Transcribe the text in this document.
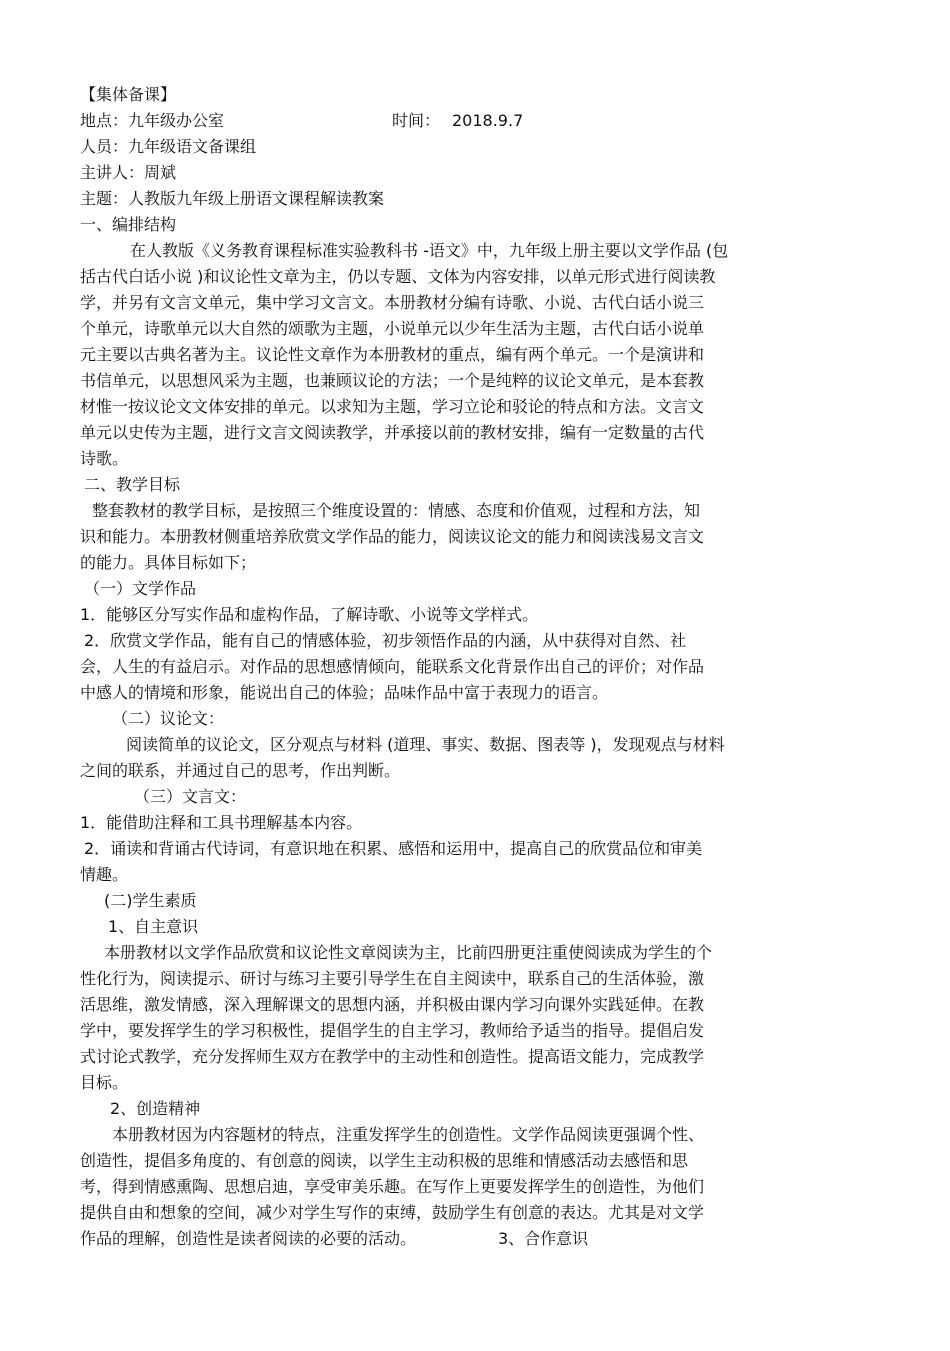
【集体备课】
地点：九年级办公室	时间： 2018.9.7
人员：九年级语文备课组
主讲人：周斌
主题：人教版九年级上册语文课程解读教案
一、编排结构
在人教版《义务教育课程标准实验教科书 -语文》中，九年级上册主要以文学作品 (包
括古代白话小说 )和议论性文章为主，仍以专题、文体为内容安排，以单元形式进行阅读教
学，并另有文言文单元，集中学习文言文。本册教材分编有诗歌、小说、古代白话小说三
个单元，诗歌单元以大自然的颂歌为主题，小说单元以少年生活为主题，古代白话小说单
元主要以古典名著为主。议论性文章作为本册教材的重点，编有两个单元。一个是演讲和
书信单元，以思想风采为主题，也兼顾议论的方法；一个是纯粹的议论文单元，是本套教
材惟一按议论文文体安排的单元。以求知为主题，学习立论和驳论的特点和方法。文言文
单元以史传为主题，进行文言文阅读教学，并承接以前的教材安排，编有一定数量的古代
诗歌。
二、教学目标
整套教材的教学目标，是按照三个维度设置的：情感、态度和价值观，过程和方法，知
识和能力。本册教材侧重培养欣赏文学作品的能力，阅读议论文的能力和阅读浅易文言文
的能力。具体目标如下；
（一）文学作品
1．能够区分写实作品和虚构作品，了解诗歌、小说等文学样式。
2．欣赏文学作品，能有自己的情感体验，初步领悟作品的内涵，从中获得对自然、社
会，人生的有益启示。对作品的思想感情倾向，能联系文化背景作出自己的评价；对作品
中感人的情境和形象，能说出自己的体验；品味作品中富于表现力的语言。
（二）议论文：
阅读简单的议论文，区分观点与材料 (道理、事实、数据、图表等 )，发现观点与材料
之间的联系，并通过自己的思考，作出判断。
（三）文言文：
1．能借助注释和工具书理解基本内容。
2．诵读和背诵古代诗词，有意识地在积累、感悟和运用中，提高自己的欣赏品位和审美
情趣。
(二)学生素质
1、自主意识
本册教材以文学作品欣赏和议论性文章阅读为主，比前四册更注重使阅读成为学生的个
性化行为，阅读提示、研讨与练习主要引导学生在自主阅读中，联系自己的生活体验，激
活思维，激发情感，深入理解课文的思想内涵，并积极由课内学习向课外实践延伸。在教
学中，要发挥学生的学习积极性，提倡学生的自主学习，教师给予适当的指导。提倡启发
式讨论式教学，充分发挥师生双方在教学中的主动性和创造性。提高语文能力，完成教学
目标。
2、创造精神
本册教材因为内容题材的特点，注重发挥学生的创造性。文学作品阅读更强调个性、
创造性，提倡多角度的、有创意的阅读，以学生主动积极的思维和情感活动去感悟和思
考，得到情感熏陶、思想启迪，享受审美乐趣。在写作上更要发挥学生的创造性，为他们
提供自由和想象的空间，减少对学生写作的束缚，鼓励学生有创意的表达。尤其是对文学
作品的理解，创造性是读者阅读的必要的活动。	3、合作意识
